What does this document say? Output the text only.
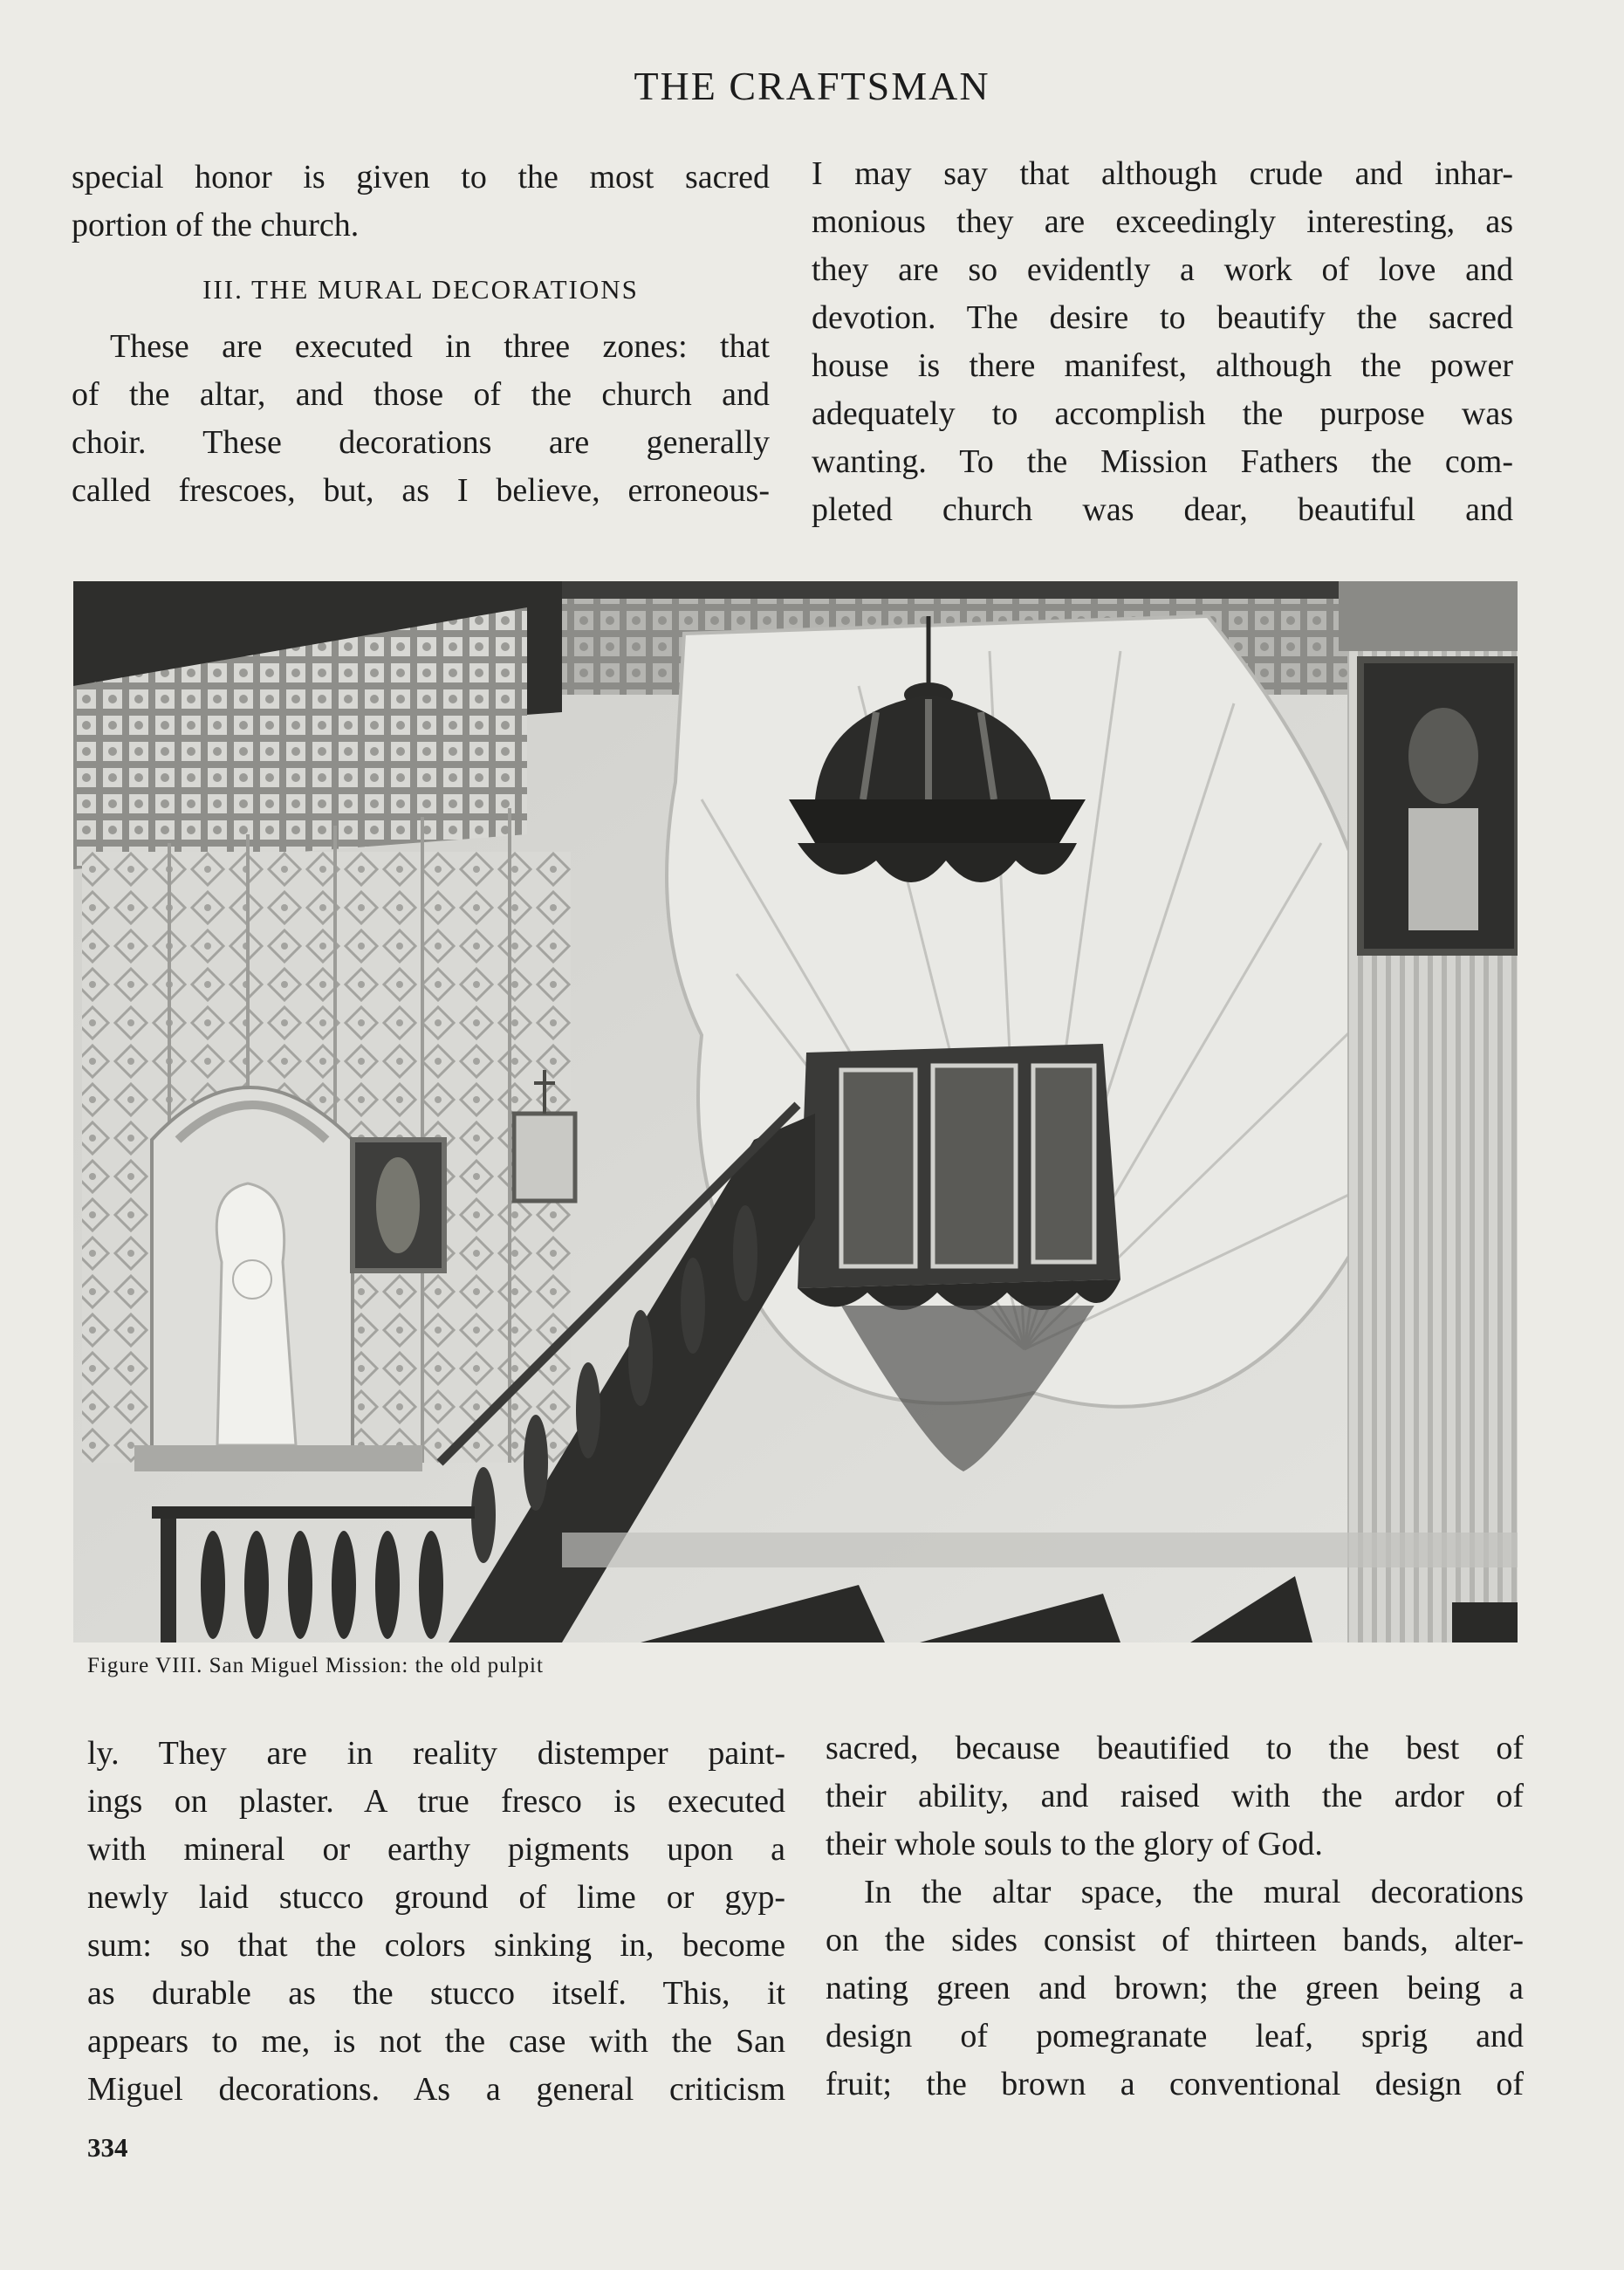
THE CRAFTSMAN

special honor is given to the most sacred

portion of the church.

III. THE MURAL DECORATIONS

These are executed in three zones: that

of the altar, and those of the church and

choir. These decorations are generally

called frescoes, but, as I believe, erroneous-

I may say that although crude and inhar-

monious they are exceedingly interesting, as

they are so evidently a work of love and

devotion. The desire to beautify the sacred

house is there manifest, although the power

adequately to accomplish the purpose was

wanting. To the Mission Fathers the com-

pleted church was dear, beautiful and

Figure VIII. San Miguel Mission: the old pulpit

ly. They are in reality distemper paint-

ings on plaster. A true fresco is executed

with mineral or earthy pigments upon a

newly laid stucco ground of lime or gyp-

sum: so that the colors sinking in, become

as durable as the stucco itself. This, it

appears to me, is not the case with the San

Miguel decorations. As a general criticism

sacred, because beautified to the best of

their ability, and raised with the ardor of

their whole souls to the glory of God.

In the altar space, the mural decorations

on the sides consist of thirteen bands, alter-

nating green and brown; the green being a

design of pomegranate leaf, sprig and

fruit; the brown a conventional design of

334
